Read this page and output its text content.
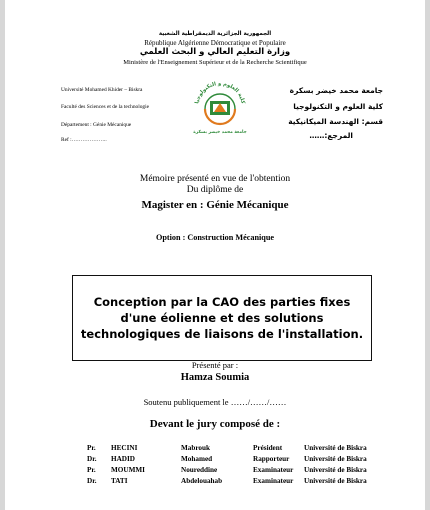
الجمهورية الجزائرية الديمقراطية الشعبية
République Algérienne Démocratique et Populaire
وزارة التعليم العالي و البحث العلمي
Ministère de l'Enseignement Supérieur et de la Recherche Scientifique
Université Mohamed Khider – Biskra
Faculté des Sciences et de la technologie
Département : Génie Mécanique
Ref :………………..
جامعة محمد خيضر بسكرة
كلية العلوم و التكنولوجيا
قسم: الهندسة الميكانيكية
المرجع:……
كلية العلوم و التكنولوجيا
جامعة محمد خيضر بسكرة
Mémoire présenté en vue de l'obtention
Du diplôme de
Magister en : Génie Mécanique
Option : Construction Mécanique
Conception par la CAO des parties fixes d'une éolienne et des solutions technologiques de liaisons de l'installation.
Présenté par :
Hamza Soumia
Soutenu publiquement le ……/……/……
Devant le jury composé de :
Pr. HECINI	Mabrouk	Président	Université de Biskra
Dr. HADID	Mohamed	Rapporteur Université de Biskra
Pr. MOUMMI	Noureddine	Examinateur Université de Biskra
Dr. TATI	Abdelouahab	Examinateur Université de Biskra
